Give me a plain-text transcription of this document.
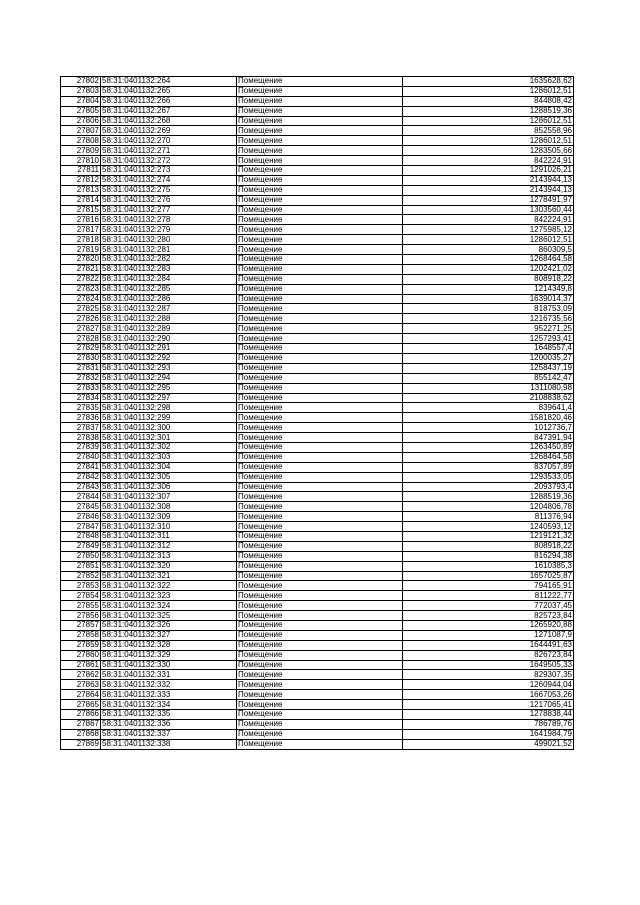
27802	58:31:0401132:264	Помещение	1635628,62
27803	58:31:0401132:265	Помещение	1286012,51
27804	58:31:0401132:266	Помещение	844808,42
27805	58:31:0401132:267	Помещение	1288519,36
27806	58:31:0401132:268	Помещение	1286012,51
27807	58:31:0401132:269	Помещение	852558,96
27808	58:31:0401132:270	Помещение	1286012,51
27809	58:31:0401132:271	Помещение	1283505,66
27810	58:31:0401132:272	Помещение	842224,91
27811	58:31:0401132:273	Помещение	1291026,21
27812	58:31:0401132:274	Помещение	2143944,13
27813	58:31:0401132:275	Помещение	2143944,13
27814	58:31:0401132:276	Помещение	1278491,97
27815	58:31:0401132:277	Помещение	1303560,44
27816	58:31:0401132:278	Помещение	842224,91
27817	58:31:0401132:279	Помещение	1275985,12
27818	58:31:0401132:280	Помещение	1286012,51
27819	58:31:0401132:281	Помещение	860309,5
27820	58:31:0401132:282	Помещение	1268464,58
27821	58:31:0401132:283	Помещение	1202421,02
27822	58:31:0401132:284	Помещение	808918,22
27823	58:31:0401132:285	Помещение	1214349,8
27824	58:31:0401132:286	Помещение	1639014,37
27825	58:31:0401132:287	Помещение	818753,09
27826	58:31:0401132:288	Помещение	1216735,56
27827	58:31:0401132:289	Помещение	952271,25
27828	58:31:0401132:290	Помещение	1257293,41
27829	58:31:0401132:291	Помещение	1648557,4
27830	58:31:0401132:292	Помещение	1200035,27
27831	58:31:0401132:293	Помещение	1258437,19
27832	58:31:0401132:294	Помещение	855142,47
27833	58:31:0401132:295	Помещение	1311080,98
27834	58:31:0401132:297	Помещение	2108838,62
27835	58:31:0401132:298	Помещение	839641,4
27836	58:31:0401132:299	Помещение	1581820,46
27837	58:31:0401132:300	Помещение	1012736,7
27838	58:31:0401132:301	Помещение	847391,94
27839	58:31:0401132:302	Помещение	1263450,89
27840	58:31:0401132:303	Помещение	1268464,58
27841	58:31:0401132:304	Помещение	837057,89
27842	58:31:0401132:305	Помещение	1293533,05
27843	58:31:0401132:306	Помещение	2093793,4
27844	58:31:0401132:307	Помещение	1288519,36
27845	58:31:0401132:308	Помещение	1204806,78
27846	58:31:0401132:309	Помещение	811376,94
27847	58:31:0401132:310	Помещение	1240593,12
27848	58:31:0401132:311	Помещение	1219121,32
27849	58:31:0401132:312	Помещение	808918,22
27850	58:31:0401132:313	Помещение	816294,38
27851	58:31:0401132:320	Помещение	1610385,3
27852	58:31:0401132:321	Помещение	1657025,87
27853	58:31:0401132:322	Помещение	794165,91
27854	58:31:0401132:323	Помещение	811222,77
27855	58:31:0401132:324	Помещение	772037,45
27856	58:31:0401132:325	Помещение	825723,84
27857	58:31:0401132:326	Помещение	1265920,88
27858	58:31:0401132:327	Помещение	1271087,9
27859	58:31:0401132:328	Помещение	1644491,63
27860	58:31:0401132:329	Помещение	826723,84
27861	58:31:0401132:330	Помещение	1649505,33
27862	58:31:0401132:331	Помещение	829307,35
27863	58:31:0401132:332	Помещение	1260944,04
27864	58:31:0401132:333	Помещение	1667053,26
27865	58:31:0401132:334	Помещение	1217065,41
27866	58:31:0401132:335	Помещение	1278838,44
27867	58:31:0401132:336	Помещение	786789,76
27868	58:31:0401132:337	Помещение	1641984,79
27869	58:31:0401132:338	Помещение	499021,52
